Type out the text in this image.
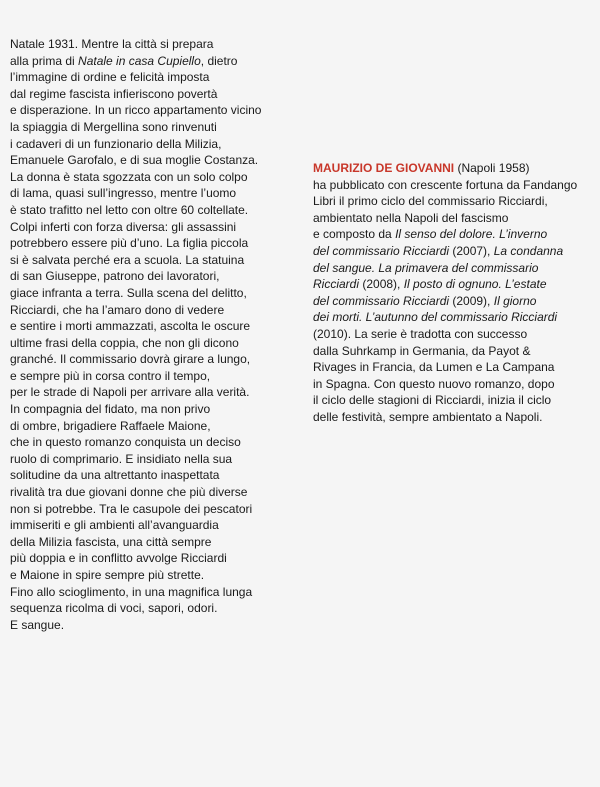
Natale 1931. Mentre la città si prepara
alla prima di Natale in casa Cupiello, dietro
l’immagine di ordine e felicità imposta
dal regime fascista infieriscono povertà
e disperazione. In un ricco appartamento vicino
la spiaggia di Mergellina sono rinvenuti
i cadaveri di un funzionario della Milizia,
Emanuele Garofalo, e di sua moglie Costanza.
La donna è stata sgozzata con un solo colpo
di lama, quasi sull’ingresso, mentre l’uomo
è stato trafitto nel letto con oltre 60 coltellate.
Colpi inferti con forza diversa: gli assassini
potrebbero essere più d’uno. La figlia piccola
si è salvata perché era a scuola. La statuina
di san Giuseppe, patrono dei lavoratori,
giace infranta a terra. Sulla scena del delitto,
Ricciardi, che ha l’amaro dono di vedere
e sentire i morti ammazzati, ascolta le oscure
ultime frasi della coppia, che non gli dicono
granché. Il commissario dovrà girare a lungo,
e sempre più in corsa contro il tempo,
per le strade di Napoli per arrivare alla verità.
In compagnia del fidato, ma non privo
di ombre, brigadiere Raffaele Maione,
che in questo romanzo conquista un deciso
ruolo di comprimario. E insidiato nella sua
solitudine da una altrettanto inaspettata
rivalità tra due giovani donne che più diverse
non si potrebbe. Tra le casupole dei pescatori
immiseriti e gli ambienti all’avanguardia
della Milizia fascista, una città sempre
più doppia e in conflitto avvolge Ricciardi
e Maione in spire sempre più strette.
Fino allo scioglimento, in una magnifica lunga
sequenza ricolma di voci, sapori, odori.
E sangue.
MAURIZIO DE GIOVANNI (Napoli 1958)
ha pubblicato con crescente fortuna da Fandango
Libri il primo ciclo del commissario Ricciardi,
ambientato nella Napoli del fascismo
e composto da Il senso del dolore. L’inverno
del commissario Ricciardi (2007), La condanna
del sangue. La primavera del commissario
Ricciardi (2008), Il posto di ognuno. L’estate
del commissario Ricciardi (2009), Il giorno
dei morti. L’autunno del commissario Ricciardi
(2010). La serie è tradotta con successo
dalla Suhrkamp in Germania, da Payot &
Rivages in Francia, da Lumen e La Campana
in Spagna. Con questo nuovo romanzo, dopo
il ciclo delle stagioni di Ricciardi, inizia il ciclo
delle festività, sempre ambientato a Napoli.
